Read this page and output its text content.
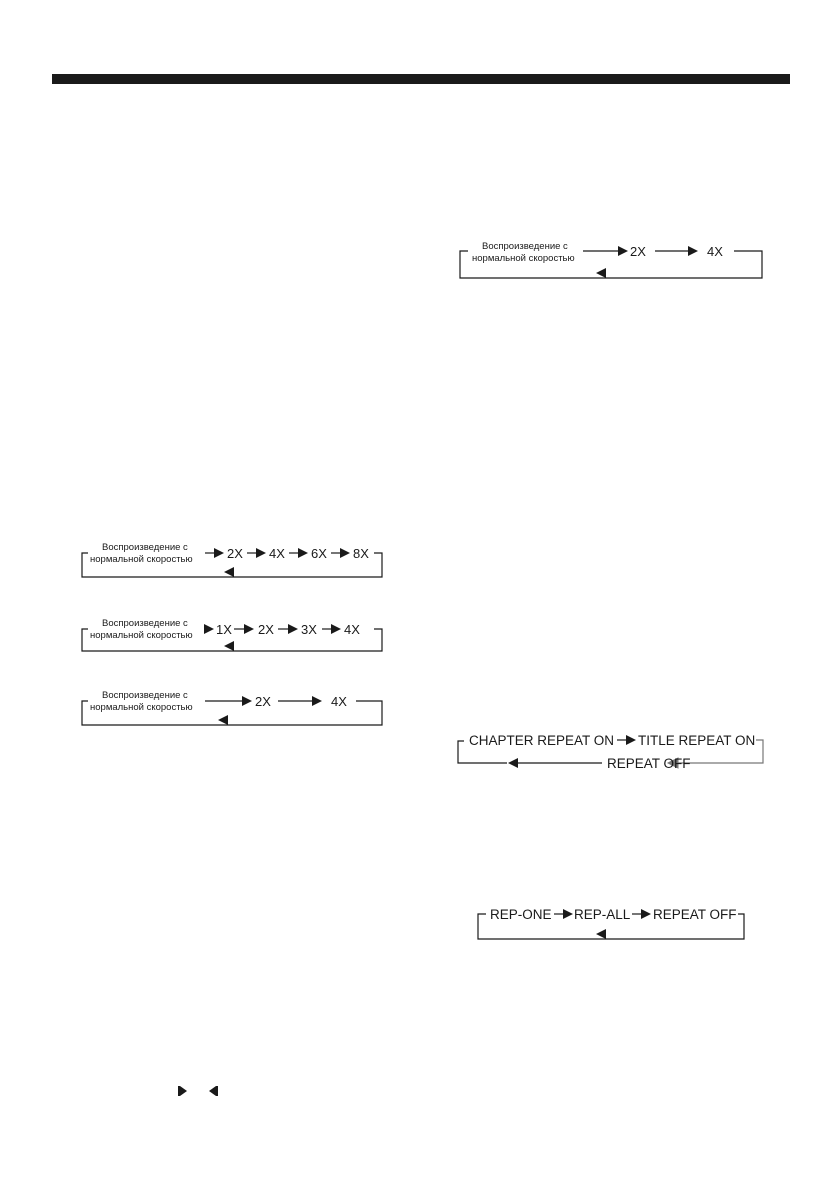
Воспроизведение с
нормальной скоростью	2X	4X
Воспроизведение с
нормальной скоростью	2X 4X 6X 8X
Воспроизведение с
нормальной скоростью 1X 2X 3X 4X
Воспроизведение с
нормальной скоростью	2X	4X
CHAPTER REPEAT ON TITLE REPEAT ON
REPEAT OFF
REP-ONE REP-ALL REPEAT OFF
